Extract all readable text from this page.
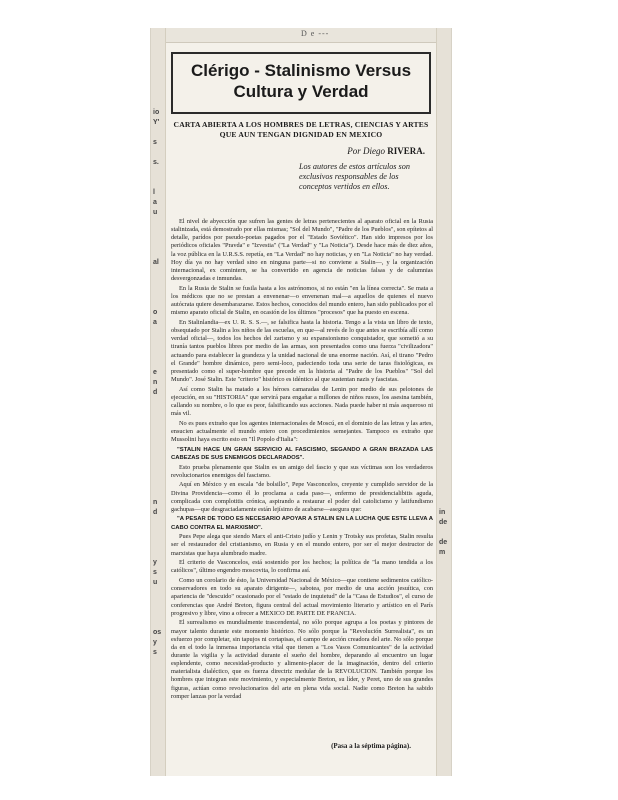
D e ---
io
Y'

s

s.

l
a
u

al

o
a

e
n
d

n
d

y
s
u

os
y
s

in
de

de
m
Clérigo - Stalinismo Versus
Cultura y Verdad
CARTA ABIERTA A LOS HOMBRES DE LETRAS, CIENCIAS Y ARTES QUE AUN TENGAN DIGNIDAD EN MEXICO
Por Diego RIVERA.
Los autores de estos artículos son exclusivos responsables de los conceptos vertidos en ellos.

El nivel de abyección que sufren las gentes de letras pertenecientes al aparato oficial en la Rusia stalinizada, está demostrado por ellas mismas; "Sol del Mundo", "Padre de los Pueblos", son epítetos al detalle, parídos por pseudo-poetas pagados por el "Estado Soviético". Han sido impresos por los periódicos oficiales "Pravda" e "Izvestia" ("La Verdad" y "La Noticia"). Desde hace más de diez años, la voz pública en la U.R.S.S. repetía, en "La Verdad" no hay noticias, y en "La Noticia" no hay verdad. Hoy día ya no hay verdad sino en ninguna parte—si no conviene a Stalin—, y la organización internacional, ex comintern, se ha convertido en agencia de noticias falsas y de calumnias desvergonzadas e inmundas.

En la Rusia de Stalin se fusila hasta a los astrónomos, si no están "en la línea correcta". Se mata a los médicos que no se prestan a envenenar—o envenenan mal—a aquellos de quienes el nuevo autócrata quiere desembarazarse. Estos hechos, conocidos del mundo entero, han sido publicados por el mismo aparato oficial de Stalin, en ocasión de los últimos "procesos" que ha puesto en escena.

En Stalinlandia—ex U. R. S. S.—, se falsifica hasta la historia. Tengo a la vista un libro de texto, obsequiado por Stalin a los niños de las escuelas, en que—al revés de lo que antes se escribía allí como verdad oficial—, todos los hechos del zarismo y su expansionismo conquistador, que sometió a su tiranía tantos pueblos libres por medio de las armas, son presentados como una fuerza "civilizadora" actuando para establecer la grandeza y la unidad nacional de una enorme nación. Así, el tirano "Pedro el Grande" hombre dinámico, pero semi-loco, padeciendo toda una serie de taras fisiológicas, es presentado como el super-hombre que precede en la historia al "Padre de los Pueblos" "Sol del Mundo". José Stalin. Este "criterio" histórico es idéntico al que sustentan nazis y fascistas.

Así como Stalin ha matado a los héroes camaradas de Lenin por medio de sus pelotones de ejecución, en su "HISTORIA" que servirá para engañar a millones de niños rusos, los asesina también, callando su nombre, o lo que es peor, falsificando sus acciones. Nada puede haber ni más asqueroso ni más vil.

No es pues extraño que los agentes internacionales de Moscú, en el dominio de las letras y las artes, ensucien actualmente el mundo entero con procedimientos semejantes. Tampoco es extraño que Mussolini haya escrito esto en "Il Popolo d'Italia":

"STALIN HACE UN GRAN SERVICIO AL FASCISMO, SEGANDO A GRAN BRAZADA LAS CABEZAS DE SUS ENEMIGOS DECLARADOS".

Esto prueba plenamente que Stalin es un amigo del fascio y que sus víctimas son los verdaderos revolucionarios enemigos del fascismo.

Aquí en México y en escala "de bolsillo", Pepe Vasconcelos, creyente y cumplido servidor de la Divina Providencia—como él lo proclama a cada paso—, enfermo de presidencialibitis aguda, complicada con complotitis crónica, aspirando a restaurar el poder del catolicismo y latifundismo gachupas—que desgraciadamente están lejísimo de acabarse—asegura que:

"A PESAR DE TODO ES NECESARIO APOYAR A STALIN EN LA LUCHA QUE ESTE LLEVA A CABO CONTRA EL MARXISMO".

Pues Pepe alega que siendo Marx el anti-Cristo judío y Lenin y Trotsky sus profetas, Stalin resulta ser el restaurador del cristianismo, en Rusia y en el mundo entero, por ser el mejor destructor de marxistas que haya alumbrado madre.

El criterio de Vasconcelos, está sostenido por los hechos; la política de "la mano tendida a los católicos", último engendro moscovita, lo confirma así.

Como un corolario de ésto, la Universidad Nacional de México—que contiene sedimentos católico-conservadores en todo su aparato dirigente—, sabotea, por medio de una acción jesuítica, con apariencia de "descuido" ocasionado por el "estado de inquietud" de la "Casa de Estudios", el curso de conferencias que André Breton, figura central del actual movimiento literario y artístico en el París progresivo y libre, vino a ofrecer a MEXICO DE PARTE DE FRANCIA.

El surrealismo es mundialmente trascendental, no sólo porque agrupa a los poetas y pintores de mayor talento durante este momento histórico. No sólo porque la "Revolución Surrealista", es un esfuerzo por completar, sin tapujos ni cortapisas, el campo de acción creadora del arte. No sólo porque da en el todo la inmensa importancia vital que tienen a "Los Vasos Comunicantes" de la actividad durante la vigilia y la actividad durante el sueño del hombre, deparando al encuentro un lugar esplendente, como necesidad-producto y alimento-placer de la imaginación, dentro del criterio materialista dialéctico, que es fuerza directriz medular de la REVOLUCION. También porque los hombres que integran este movimiento, y especialmente Breton, su líder, y Peret, uno de sus grandes figuras, actúan como revolucionarios del arte en plena vida social. Nadie como Breton ha sabido romper lanzas por la verdad

(Pasa a la séptima página).
